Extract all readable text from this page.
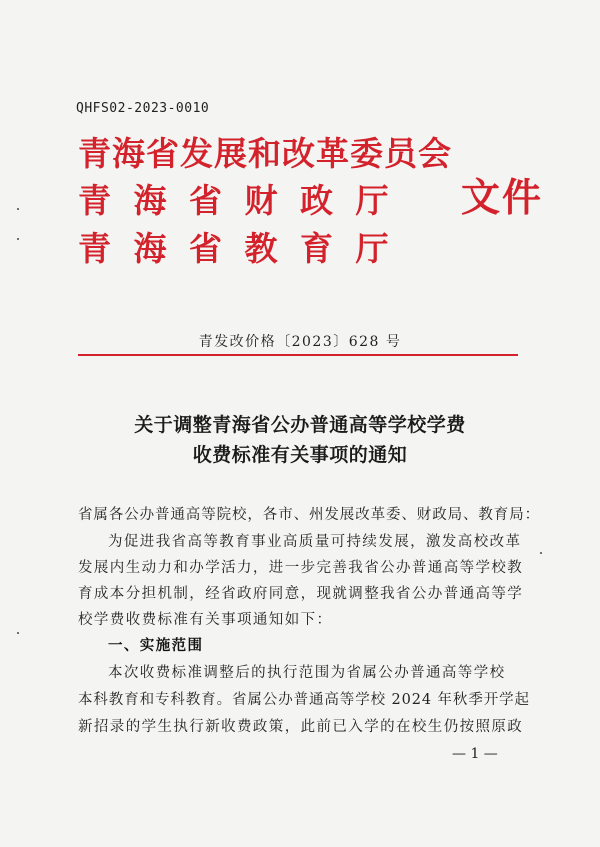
QHFS02-2023-0010
青海省发展和改革委员会
青海省财政厅
青海省教育厅
文件
青发改价格〔2023〕628 号
关于调整青海省公办普通高等学校学费
收费标准有关事项的通知
省属各公办普通高等院校，各市、州发展改革委、财政局、教育局：
为促进我省高等教育事业高质量可持续发展，激发高校改革
发展内生动力和办学活力，进一步完善我省公办普通高等学校教
育成本分担机制，经省政府同意，现就调整我省公办普通高等学
校学费收费标准有关事项通知如下：
一、实施范围
本次收费标准调整后的执行范围为省属公办普通高等学校
本科教育和专科教育。省属公办普通高等学校 2024 年秋季开学起
新招录的学生执行新收费政策，此前已入学的在校生仍按照原政
— 1 —
